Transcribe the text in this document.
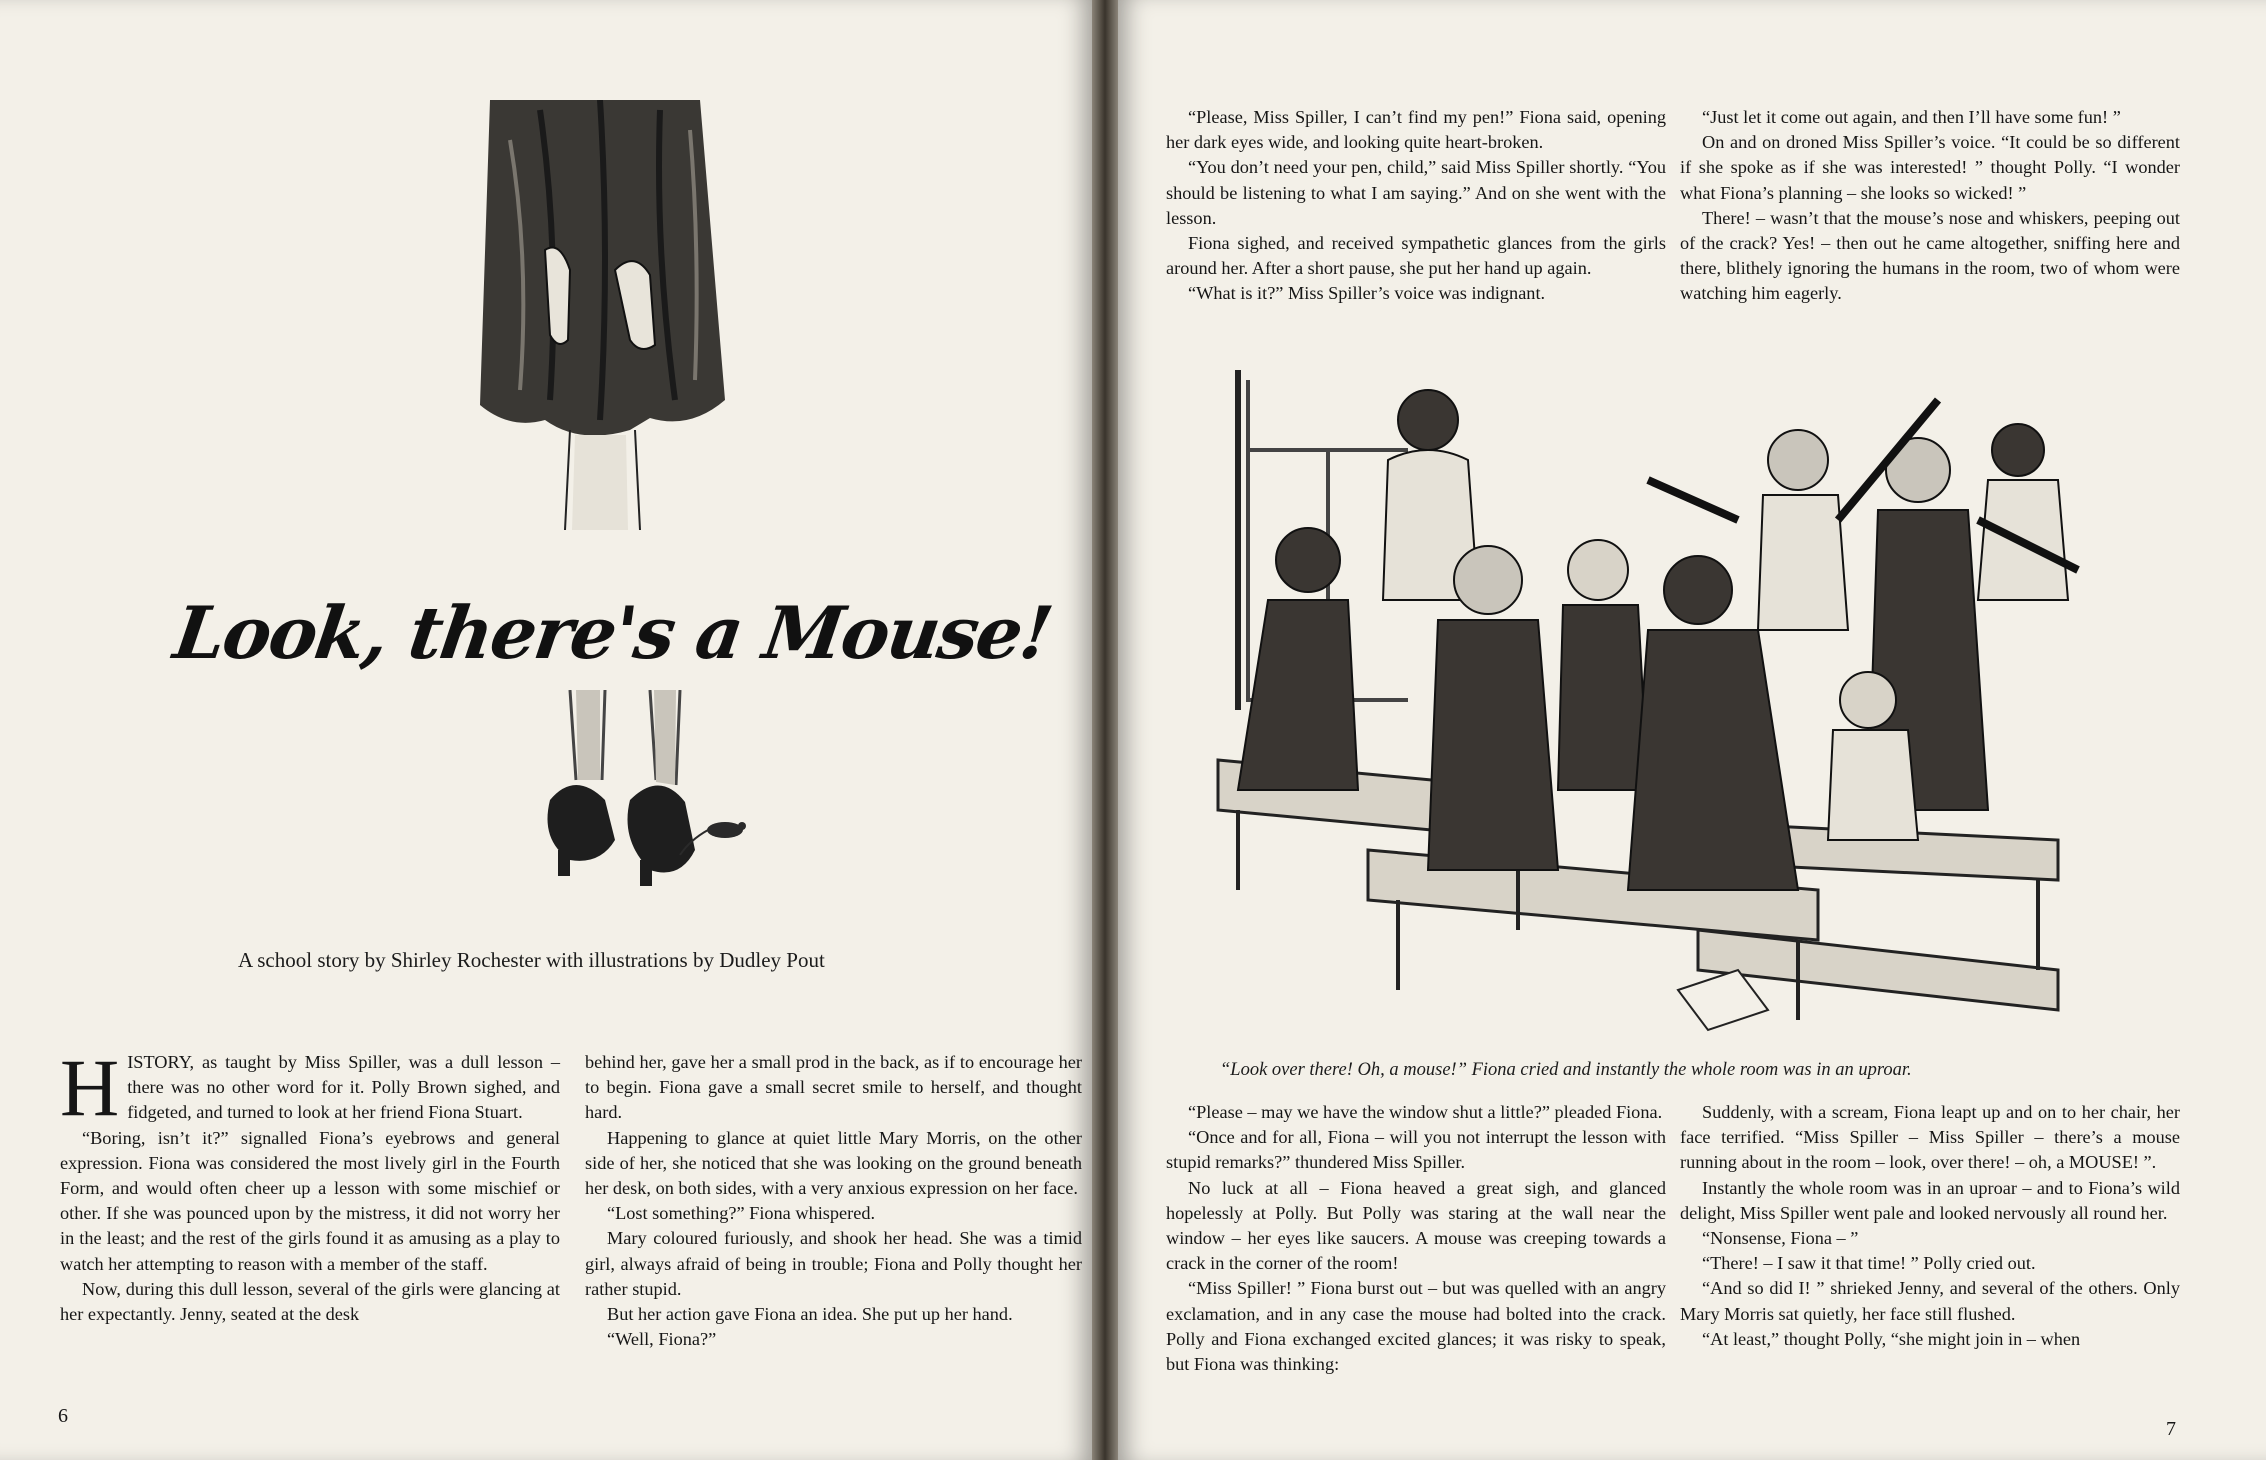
Look, there's a Mouse!
A school story by Shirley Rochester with illustrations by Dudley Pout

HISTORY, as taught by Miss Spiller, was a dull lesson – there was no other word for it. Polly Brown sighed, and fidgeted, and turned to look at her friend Fiona Stuart.

“Boring, isn’t it?” signalled Fiona’s eyebrows and general expression. Fiona was considered the most lively girl in the Fourth Form, and would often cheer up a lesson with some mischief or other. If she was pounced upon by the mistress, it did not worry her in the least; and the rest of the girls found it as amusing as a play to watch her attempting to reason with a member of the staff.

Now, during this dull lesson, several of the girls were glancing at her expectantly. Jenny, seated at the desk

behind her, gave her a small prod in the back, as if to encourage her to begin. Fiona gave a small secret smile to herself, and thought hard.

Happening to glance at quiet little Mary Morris, on the other side of her, she noticed that she was looking on the ground beneath her desk, on both sides, with a very anxious expression on her face.

“Lost something?” Fiona whispered.

Mary coloured furiously, and shook her head. She was a timid girl, always afraid of being in trouble; Fiona and Polly thought her rather stupid.

But her action gave Fiona an idea. She put up her hand.

“Well, Fiona?”

6

“Please, Miss Spiller, I can’t find my pen!” Fiona said, opening her dark eyes wide, and looking quite heart-broken.

“You don’t need your pen, child,” said Miss Spiller shortly. “You should be listening to what I am saying.” And on she went with the lesson.

Fiona sighed, and received sympathetic glances from the girls around her. After a short pause, she put her hand up again.

“What is it?” Miss Spiller’s voice was indignant.

“Just let it come out again, and then I’ll have some fun! ”

On and on droned Miss Spiller’s voice. “It could be so different if she spoke as if she was interested! ” thought Polly. “I wonder what Fiona’s planning – she looks so wicked! ”

There! – wasn’t that the mouse’s nose and whiskers, peeping out of the crack? Yes! – then out he came altogether, sniffing here and there, blithely ignoring the humans in the room, two of whom were watching him eagerly.

“Please – may we have the window shut a little?” pleaded Fiona.

“Once and for all, Fiona – will you not interrupt the lesson with stupid remarks?” thundered Miss Spiller.

No luck at all – Fiona heaved a great sigh, and glanced hopelessly at Polly. But Polly was staring at the wall near the window – her eyes like saucers. A mouse was creeping towards a crack in the corner of the room!

“Miss Spiller! ” Fiona burst out – but was quelled with an angry exclamation, and in any case the mouse had bolted into the crack. Polly and Fiona exchanged excited glances; it was risky to speak, but Fiona was thinking:

Suddenly, with a scream, Fiona leapt up and on to her chair, her face terrified. “Miss Spiller – Miss Spiller – there’s a mouse running about in the room – look, over there! – oh, a MOUSE! ”.

Instantly the whole room was in an uproar – and to Fiona’s wild delight, Miss Spiller went pale and looked nervously all round her.

“Nonsense, Fiona – ”

“There! – I saw it that time! ” Polly cried out.

“And so did I! ” shrieked Jenny, and several of the others. Only Mary Morris sat quietly, her face still flushed.

“At least,” thought Polly, “she might join in – when

7
“Look over there! Oh, a mouse!” Fiona cried and instantly the whole room was in an uproar.
